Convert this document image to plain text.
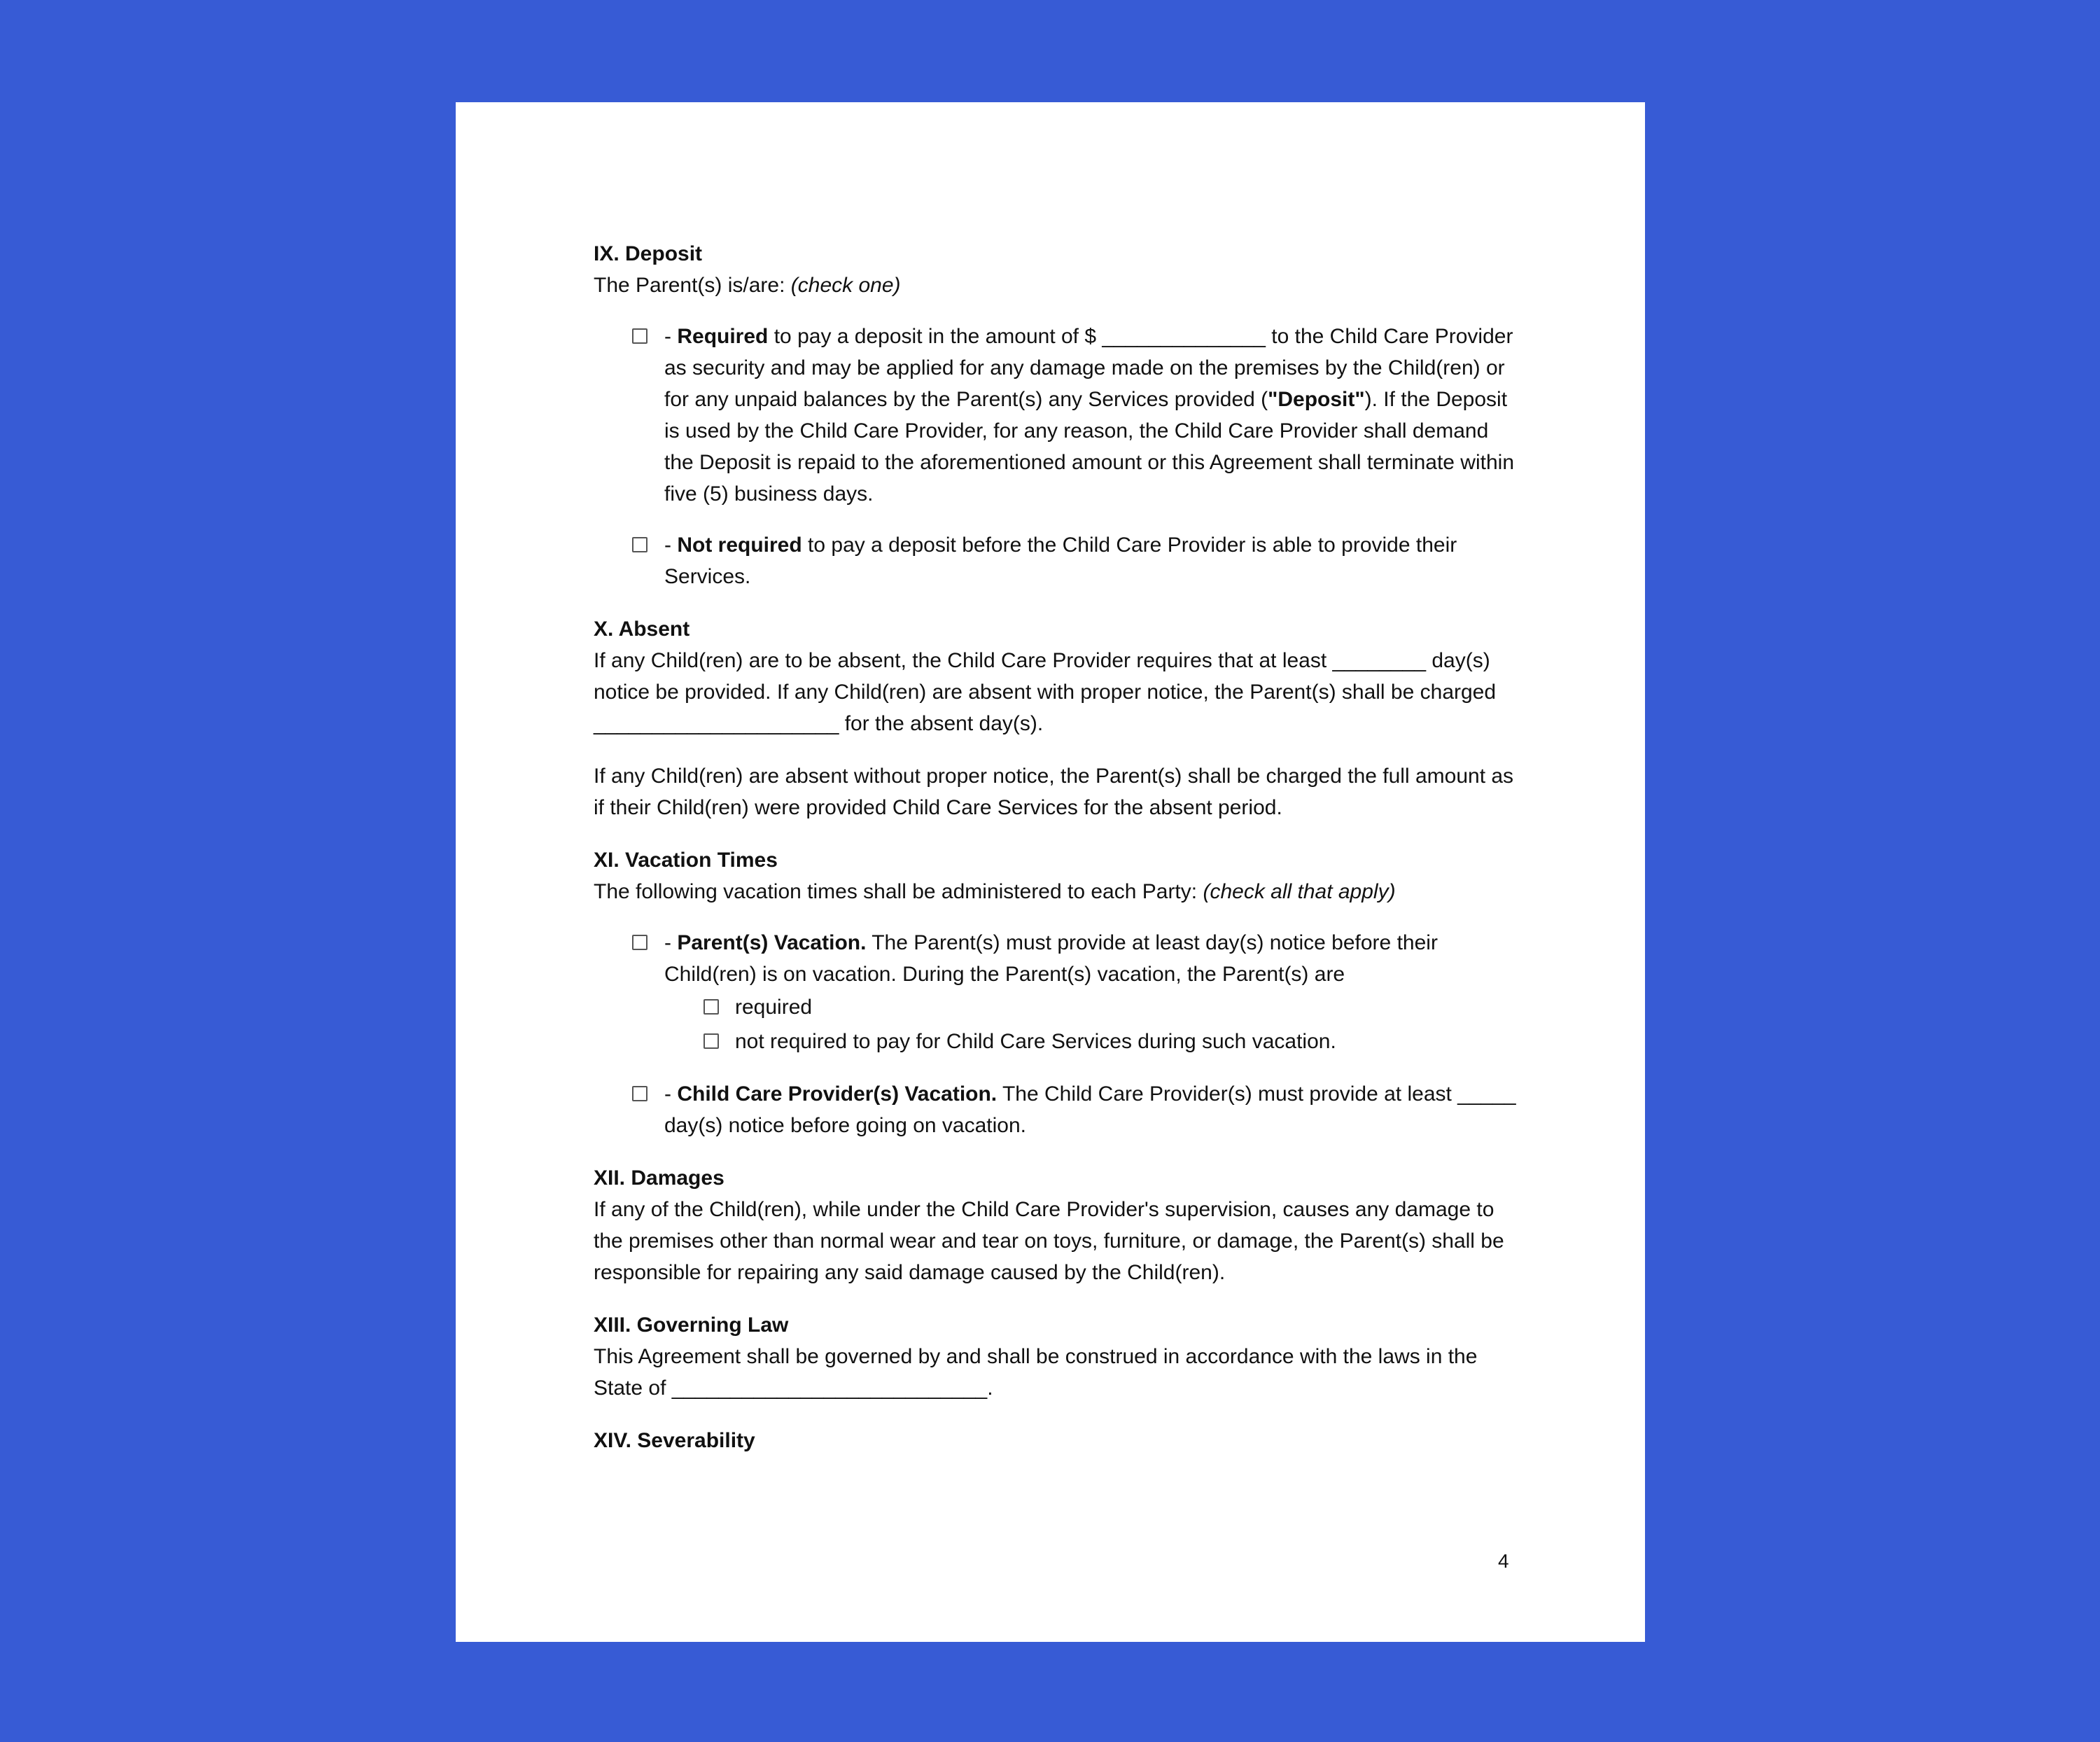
IX. Deposit
The Parent(s) is/are: (check one)
- Required to pay a deposit in the amount of $ ______________ to the Child Care Provider as security and may be applied for any damage made on the premises by the Child(ren) or for any unpaid balances by the Parent(s) any Services provided ("Deposit"). If the Deposit is used by the Child Care Provider, for any reason, the Child Care Provider shall demand the Deposit is repaid to the aforementioned amount or this Agreement shall terminate within five (5) business days.
- Not required to pay a deposit before the Child Care Provider is able to provide their Services.
X. Absent
If any Child(ren) are to be absent, the Child Care Provider requires that at least ________ day(s) notice be provided. If any Child(ren) are absent with proper notice, the Parent(s) shall be charged _____________________ for the absent day(s).
If any Child(ren) are absent without proper notice, the Parent(s) shall be charged the full amount as if their Child(ren) were provided Child Care Services for the absent period.
XI. Vacation Times
The following vacation times shall be administered to each Party: (check all that apply)
- Parent(s) Vacation. The Parent(s) must provide at least day(s) notice before their Child(ren) is on vacation. During the Parent(s) vacation, the Parent(s) are
required
not required to pay for Child Care Services during such vacation.
- Child Care Provider(s) Vacation. The Child Care Provider(s) must provide at least _____ day(s) notice before going on vacation.
XII. Damages
If any of the Child(ren), while under the Child Care Provider's supervision, causes any damage to the premises other than normal wear and tear on toys, furniture, or damage, the Parent(s) shall be responsible for repairing any said damage caused by the Child(ren).
XIII. Governing Law
This Agreement shall be governed by and shall be construed in accordance with the laws in the State of ___________________________.
XIV. Severability
4
